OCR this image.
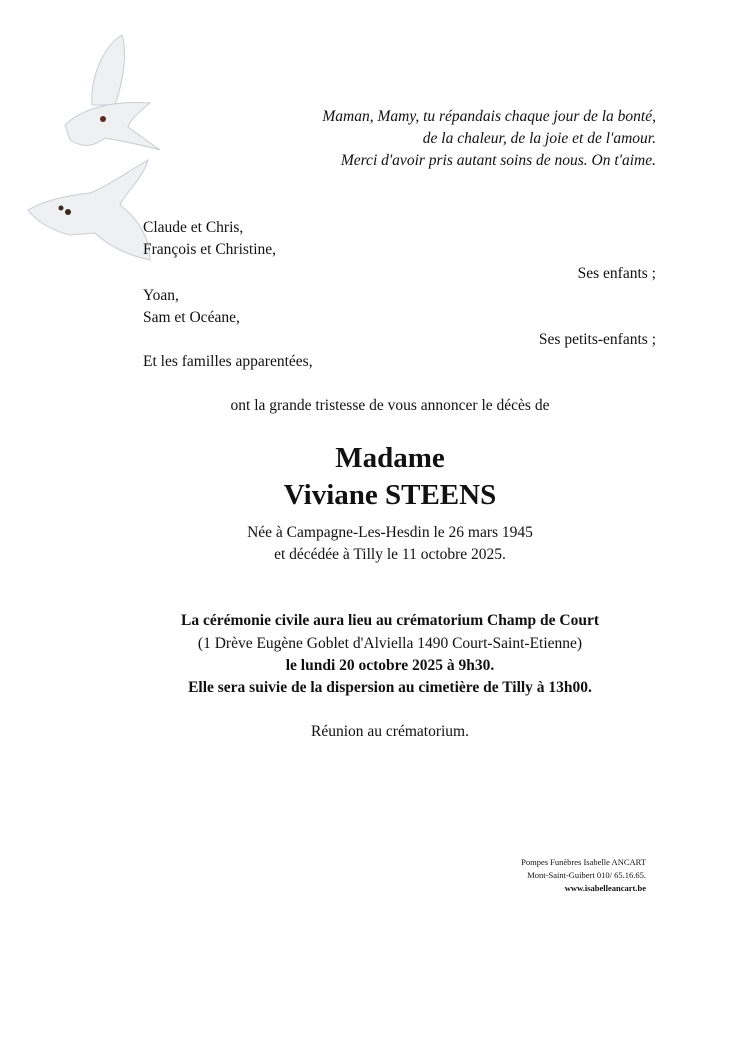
Maman, Mamy, tu répandais chaque jour de la bonté,
de la chaleur, de la joie et de l'amour.
Merci d'avoir pris autant soins de nous. On t'aime.
Claude et Chris,
François et Christine,
Ses enfants ;
Yoan,
Sam et Océane,
Ses petits-enfants ;
Et les familles apparentées,
ont la grande tristesse de vous annoncer le décès de
Madame
Viviane STEENS
Née à Campagne-Les-Hesdin le 26 mars 1945
et décédée à Tilly le 11 octobre 2025.
La cérémonie civile aura lieu au crématorium Champ de Court
(1 Drève Eugène Goblet d'Alviella 1490 Court-Saint-Etienne)
le lundi 20 octobre 2025 à 9h30.
Elle sera suivie de la dispersion au cimetière de Tilly à 13h00.
Réunion au crématorium.
Pompes Funèbres Isabelle ANCART
Mont-Saint-Guibert 010/ 65.16.65.
www.isabelleancart.be
